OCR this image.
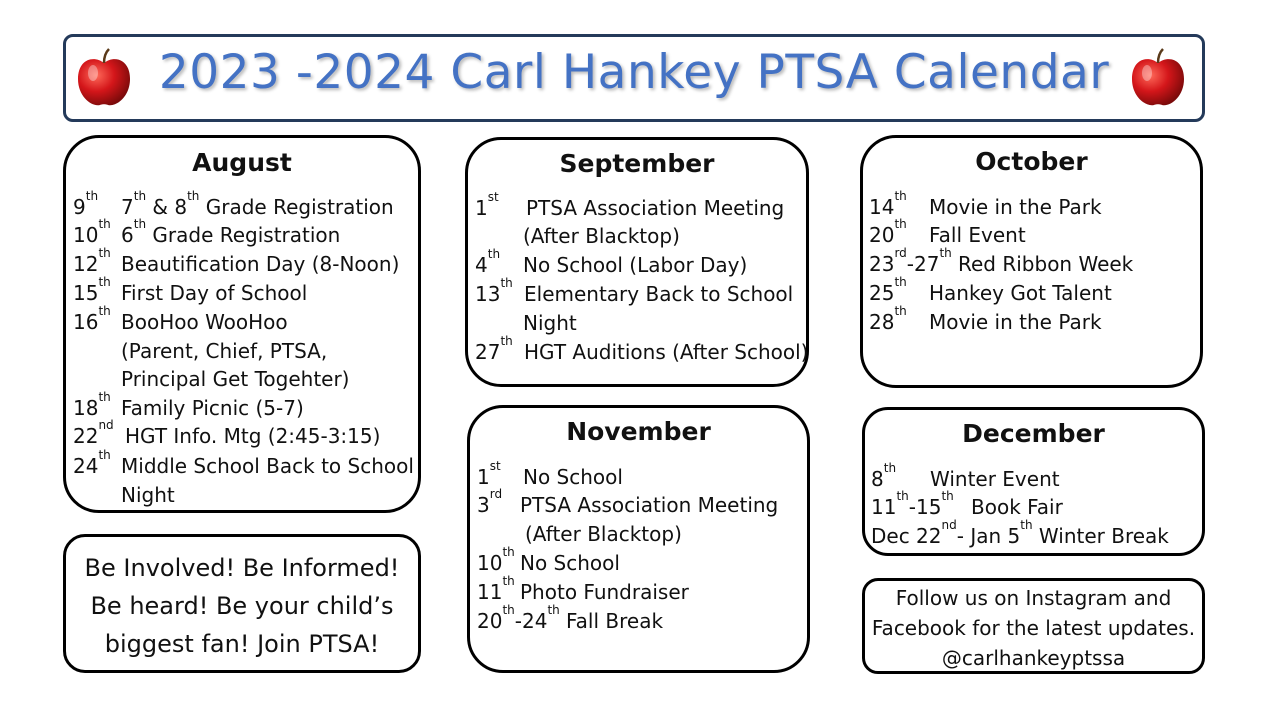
2023 -2024 Carl Hankey PTSA Calendar
August
9th 7th & 8th Grade Registration
10th 6th Grade Registration
12th Beautification Day (8-Noon)
15th First Day of School
16th BooHoo WooHoo
(Parent, Chief, PTSA,
Principal Get Togehter)
18th Family Picnic (5-7)
22nd HGT Info. Mtg (2:45-3:15)
24th Middle School Back to School
Night
September
1st PTSA Association Meeting
(After Blacktop)
4th No School (Labor Day)
13th Elementary Back to School
Night
27th HGT Auditions (After School)
October
14th Movie in the Park
20th Fall Event
23rd-27th Red Ribbon Week
25th Hankey Got Talent
28th Movie in the Park
November
1st No School
3rd PTSA Association Meeting
(After Blacktop)
10th No School
11th Photo Fundraiser
20th-24th Fall Break
December
8th Winter Event
11th-15th Book Fair
Dec 22nd- Jan 5th Winter Break
Be Involved! Be Informed!
Be heard! Be your child’s
biggest fan! Join PTSA!
Follow us on Instagram and
Facebook for the latest updates.
@carlhankeyptssa
